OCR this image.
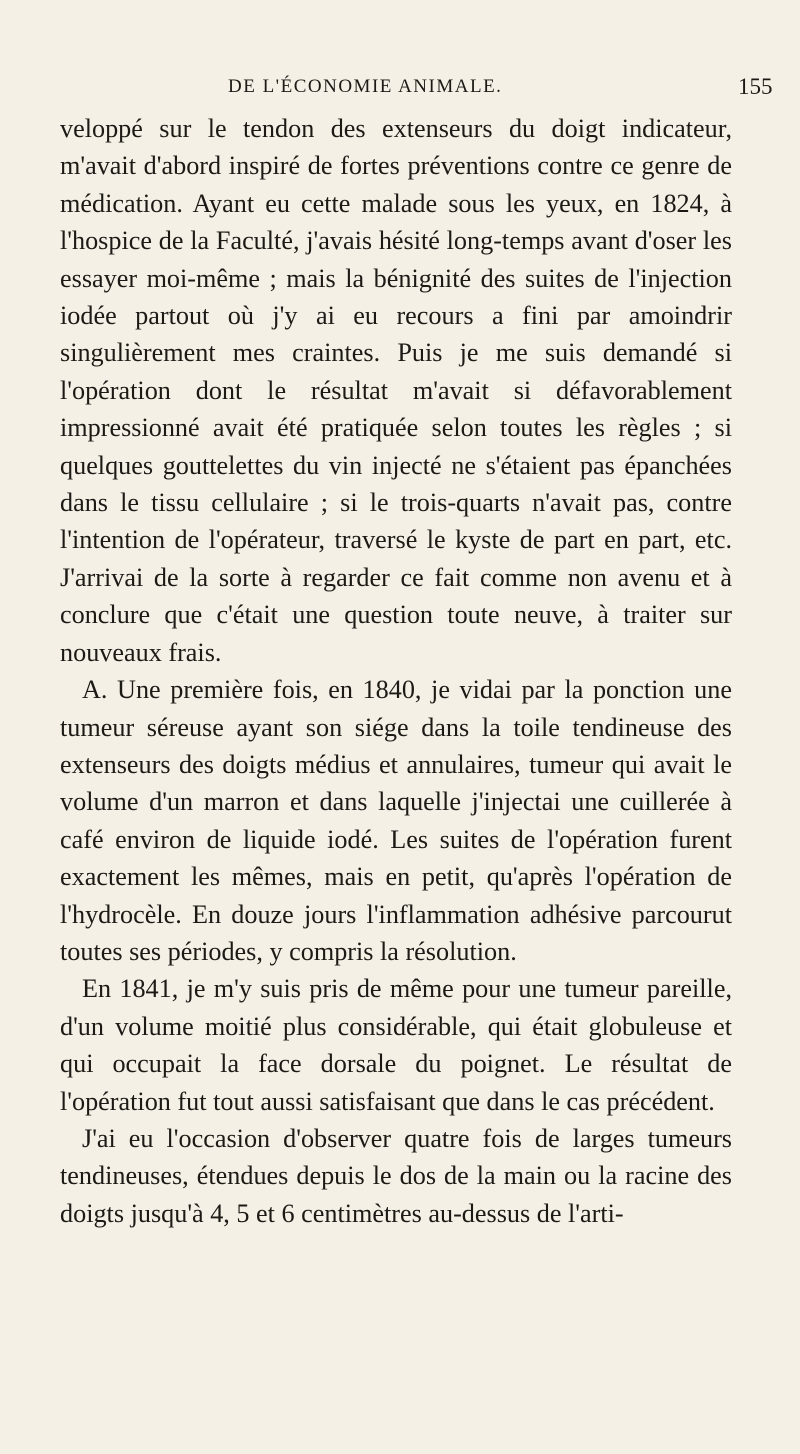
DE L'ÉCONOMIE ANIMALE.	155

veloppé sur le tendon des extenseurs du doigt indicateur, m'avait d'abord inspiré de fortes préventions contre ce genre de médication. Ayant eu cette malade sous les yeux, en 1824, à l'hospice de la Faculté, j'avais hésité long-temps avant d'oser les essayer moi-même ; mais la bénignité des suites de l'injection iodée partout où j'y ai eu recours a fini par amoindrir singulièrement mes craintes. Puis je me suis demandé si l'opération dont le résultat m'avait si défavorablement impressionné avait été pratiquée selon toutes les règles ; si quelques gouttelettes du vin injecté ne s'étaient pas épanchées dans le tissu cellulaire ; si le trois-quarts n'avait pas, contre l'intention de l'opérateur, traversé le kyste de part en part, etc. J'arrivai de la sorte à regarder ce fait comme non avenu et à conclure que c'était une question toute neuve, à traiter sur nouveaux frais.

A. Une première fois, en 1840, je vidai par la ponction une tumeur séreuse ayant son siége dans la toile tendineuse des extenseurs des doigts médius et annulaires, tumeur qui avait le volume d'un marron et dans laquelle j'injectai une cuillerée à café environ de liquide iodé. Les suites de l'opération furent exactement les mêmes, mais en petit, qu'après l'opération de l'hydrocèle. En douze jours l'inflammation adhésive parcourut toutes ses périodes, y compris la résolution.

En 1841, je m'y suis pris de même pour une tumeur pareille, d'un volume moitié plus considérable, qui était globuleuse et qui occupait la face dorsale du poignet. Le résultat de l'opération fut tout aussi satisfaisant que dans le cas précédent.

J'ai eu l'occasion d'observer quatre fois de larges tumeurs tendineuses, étendues depuis le dos de la main ou la racine des doigts jusqu'à 4, 5 et 6 centimètres au-dessus de l'arti-
